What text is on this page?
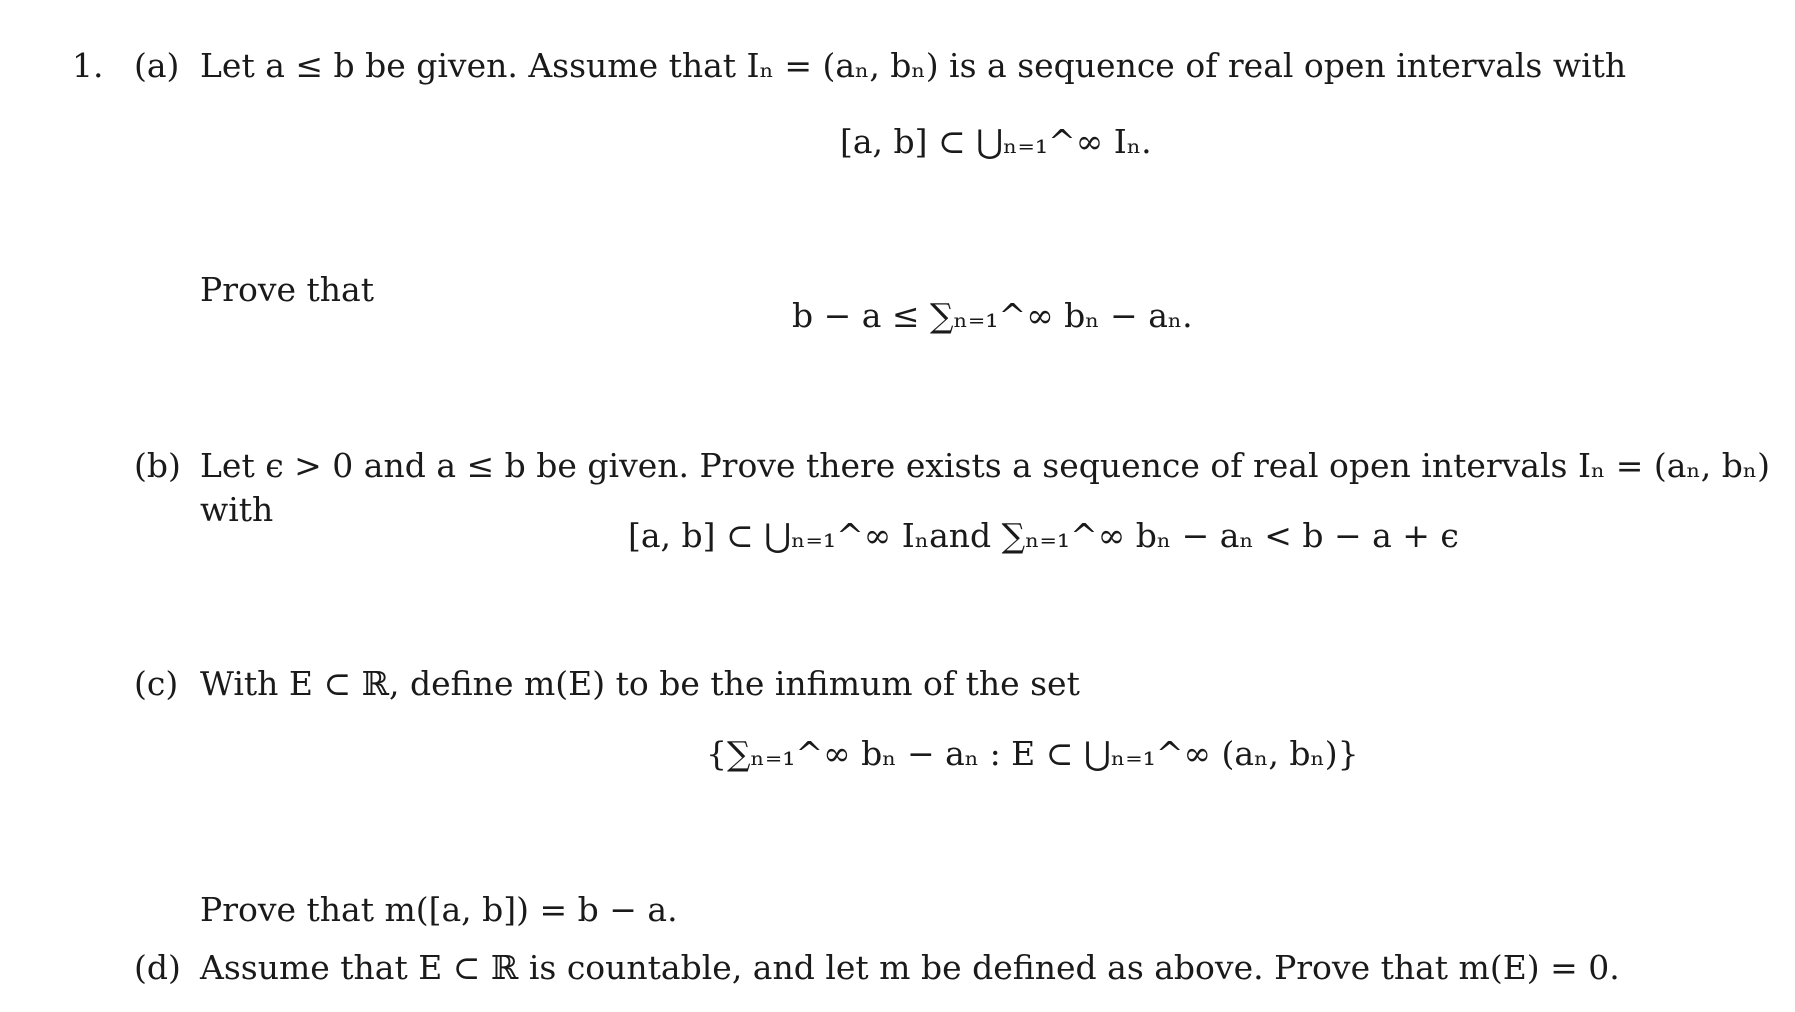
1. (a) Let a ≤ b be given. Assume that Iₙ = (aₙ, bₙ) is a sequence of real open intervals with
[a, b] ⊂ ⋃ₙ₌₁^∞ Iₙ.
Prove that
b − a ≤ ∑ₙ₌₁^∞ bₙ − aₙ.
(b) Let ϵ > 0 and a ≤ b be given. Prove there exists a sequence of real open intervals Iₙ = (aₙ, bₙ)
with
[a, b] ⊂ ⋃ₙ₌₁^∞ Iₙand ∑ₙ₌₁^∞ bₙ − aₙ < b − a + ϵ
(c) With E ⊂ ℝ, define m(E) to be the infimum of the set
{∑ₙ₌₁^∞ bₙ − aₙ : E ⊂ ⋃ₙ₌₁^∞ (aₙ, bₙ)}
Prove that m([a, b]) = b − a.
(d) Assume that E ⊂ ℝ is countable, and let m be defined as above. Prove that m(E) = 0.
